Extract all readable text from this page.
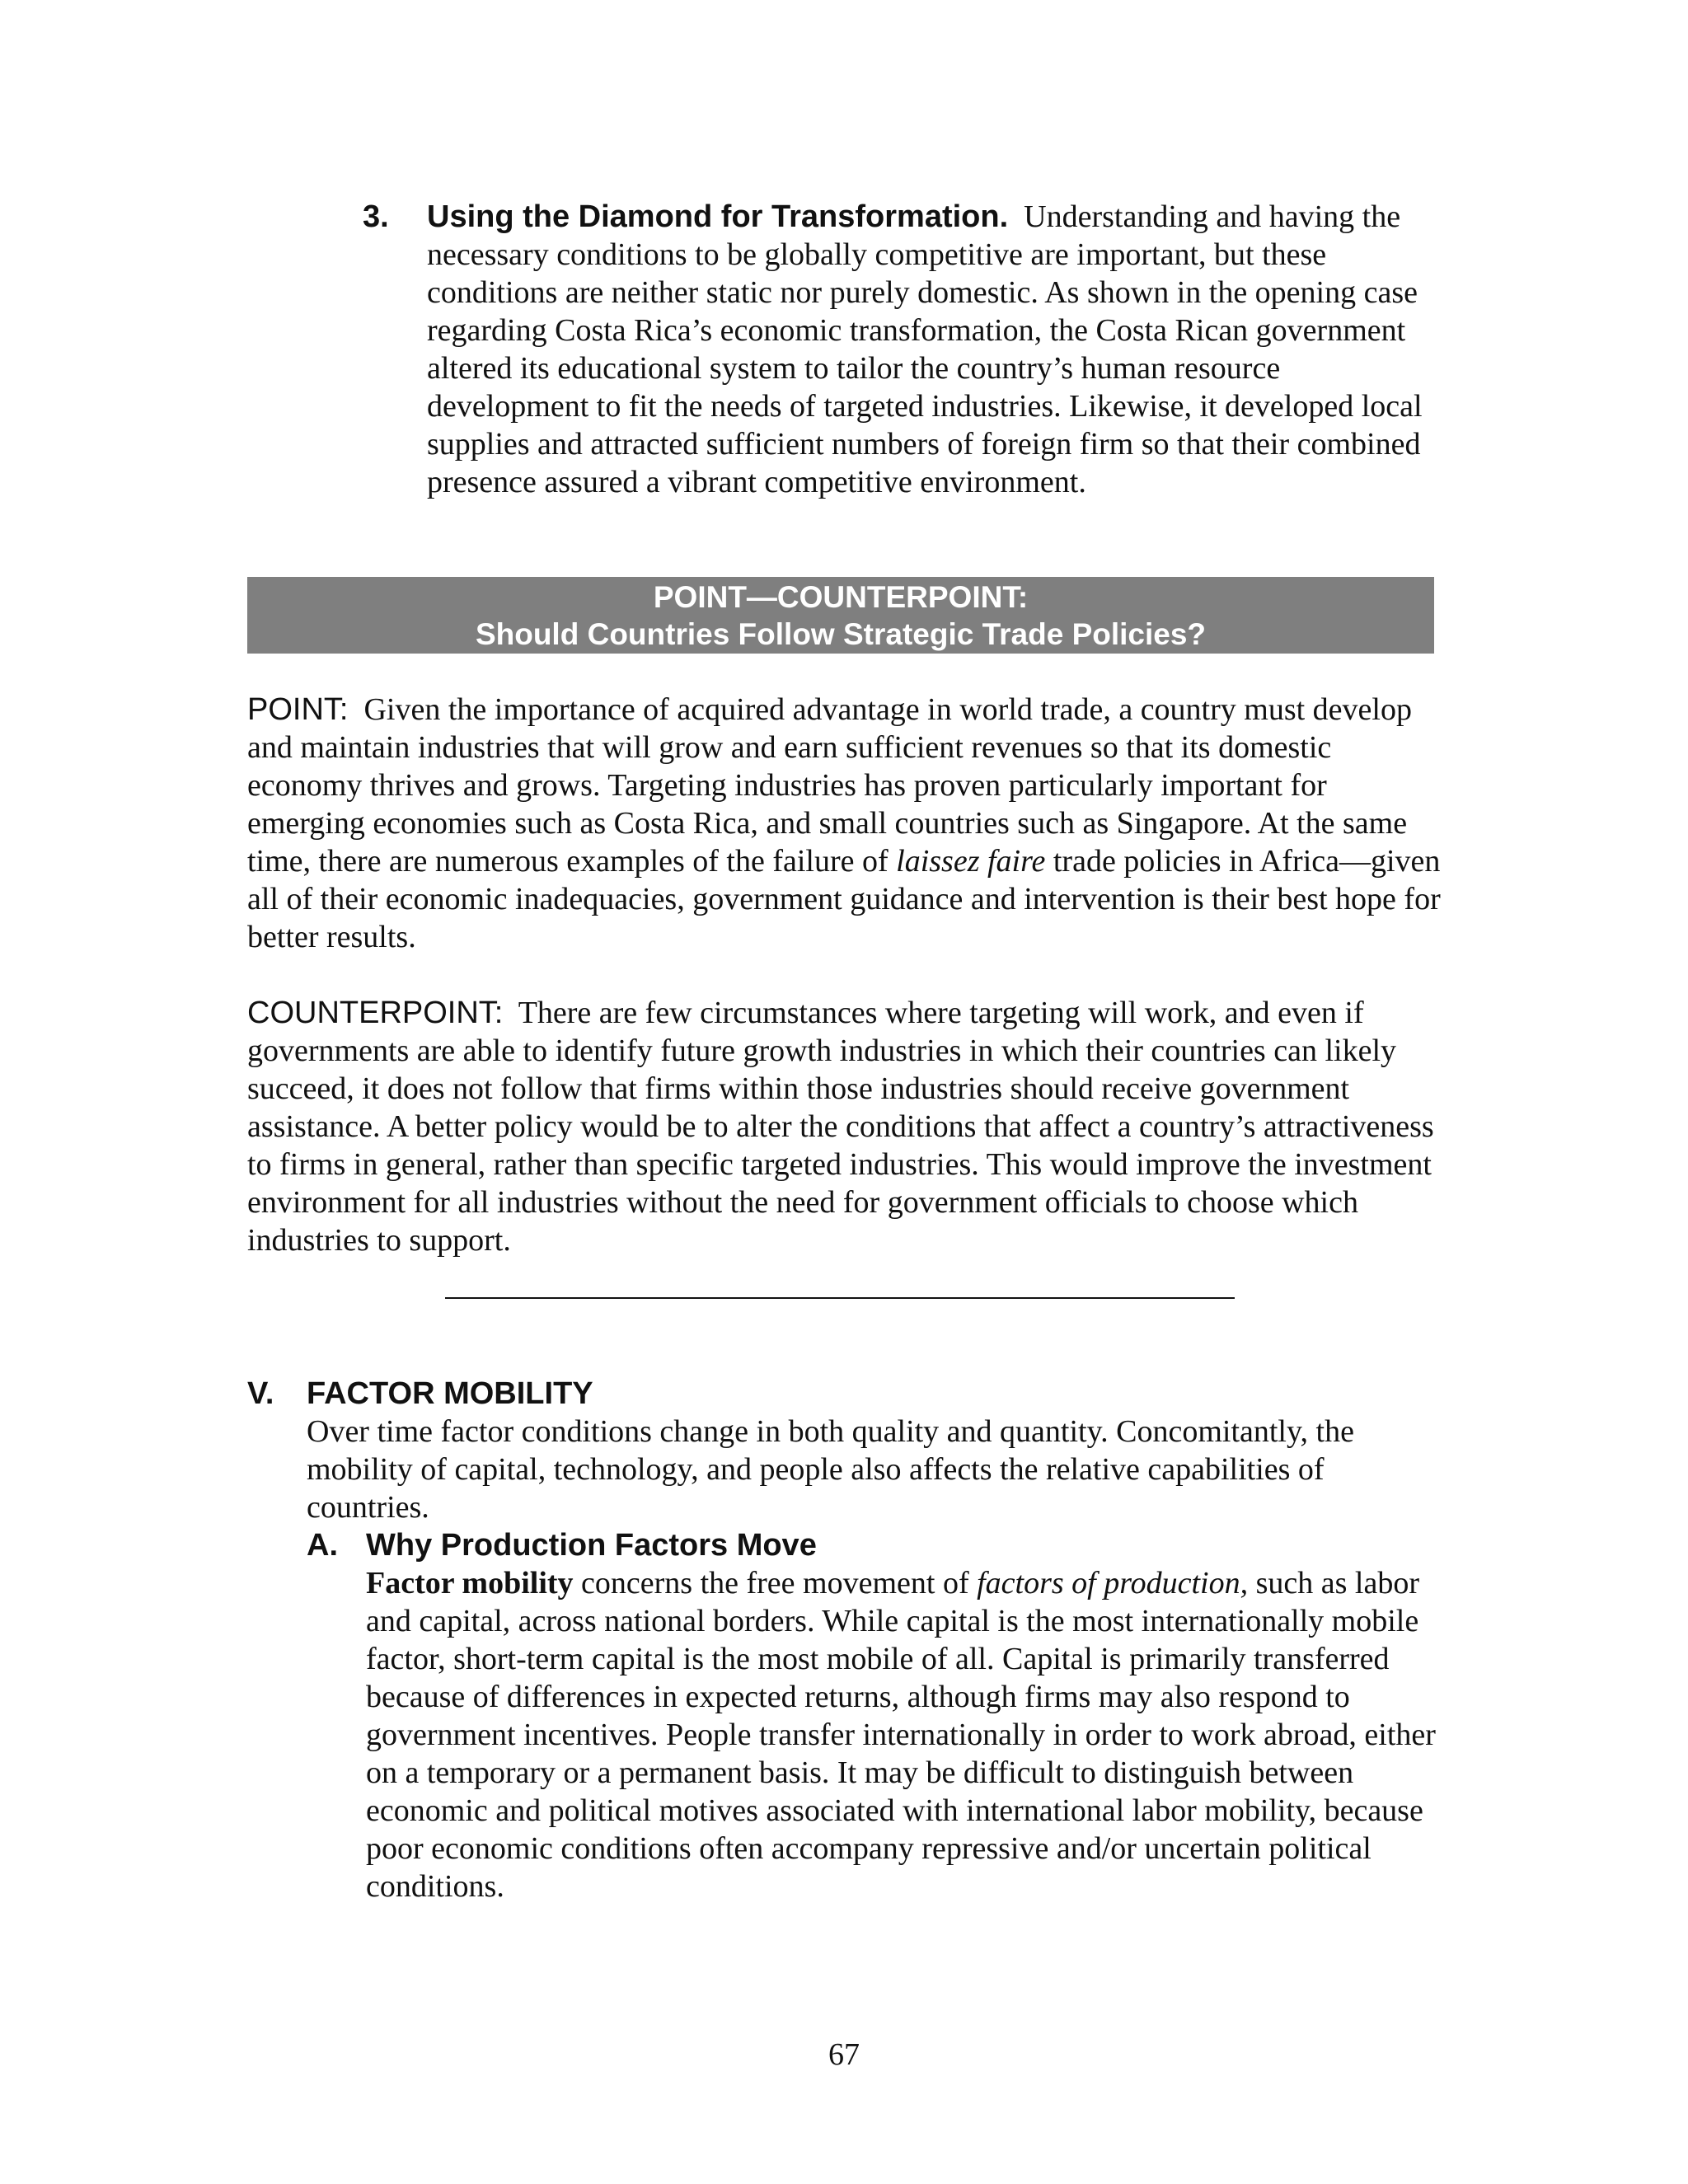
3. Using the Diamond for Transformation. Understanding and having the necessary conditions to be globally competitive are important, but these conditions are neither static nor purely domestic. As shown in the opening case regarding Costa Rica’s economic transformation, the Costa Rican government altered its educational system to tailor the country’s human resource development to fit the needs of targeted industries. Likewise, it developed local supplies and attracted sufficient numbers of foreign firm so that their combined presence assured a vibrant competitive environment.
POINT—COUNTERPOINT:
Should Countries Follow Strategic Trade Policies?
POINT: Given the importance of acquired advantage in world trade, a country must develop and maintain industries that will grow and earn sufficient revenues so that its domestic economy thrives and grows. Targeting industries has proven particularly important for emerging economies such as Costa Rica, and small countries such as Singapore. At the same time, there are numerous examples of the failure of laissez faire trade policies in Africa—given all of their economic inadequacies, government guidance and intervention is their best hope for better results.
COUNTERPOINT: There are few circumstances where targeting will work, and even if governments are able to identify future growth industries in which their countries can likely succeed, it does not follow that firms within those industries should receive government assistance. A better policy would be to alter the conditions that affect a country’s attractiveness to firms in general, rather than specific targeted industries. This would improve the investment environment for all industries without the need for government officials to choose which industries to support.
V. FACTOR MOBILITY
Over time factor conditions change in both quality and quantity. Concomitantly, the mobility of capital, technology, and people also affects the relative capabilities of countries.
A. Why Production Factors Move
Factor mobility concerns the free movement of factors of production, such as labor and capital, across national borders. While capital is the most internationally mobile factor, short-term capital is the most mobile of all. Capital is primarily transferred because of differences in expected returns, although firms may also respond to government incentives. People transfer internationally in order to work abroad, either on a temporary or a permanent basis. It may be difficult to distinguish between economic and political motives associated with international labor mobility, because poor economic conditions often accompany repressive and/or uncertain political conditions.
67
